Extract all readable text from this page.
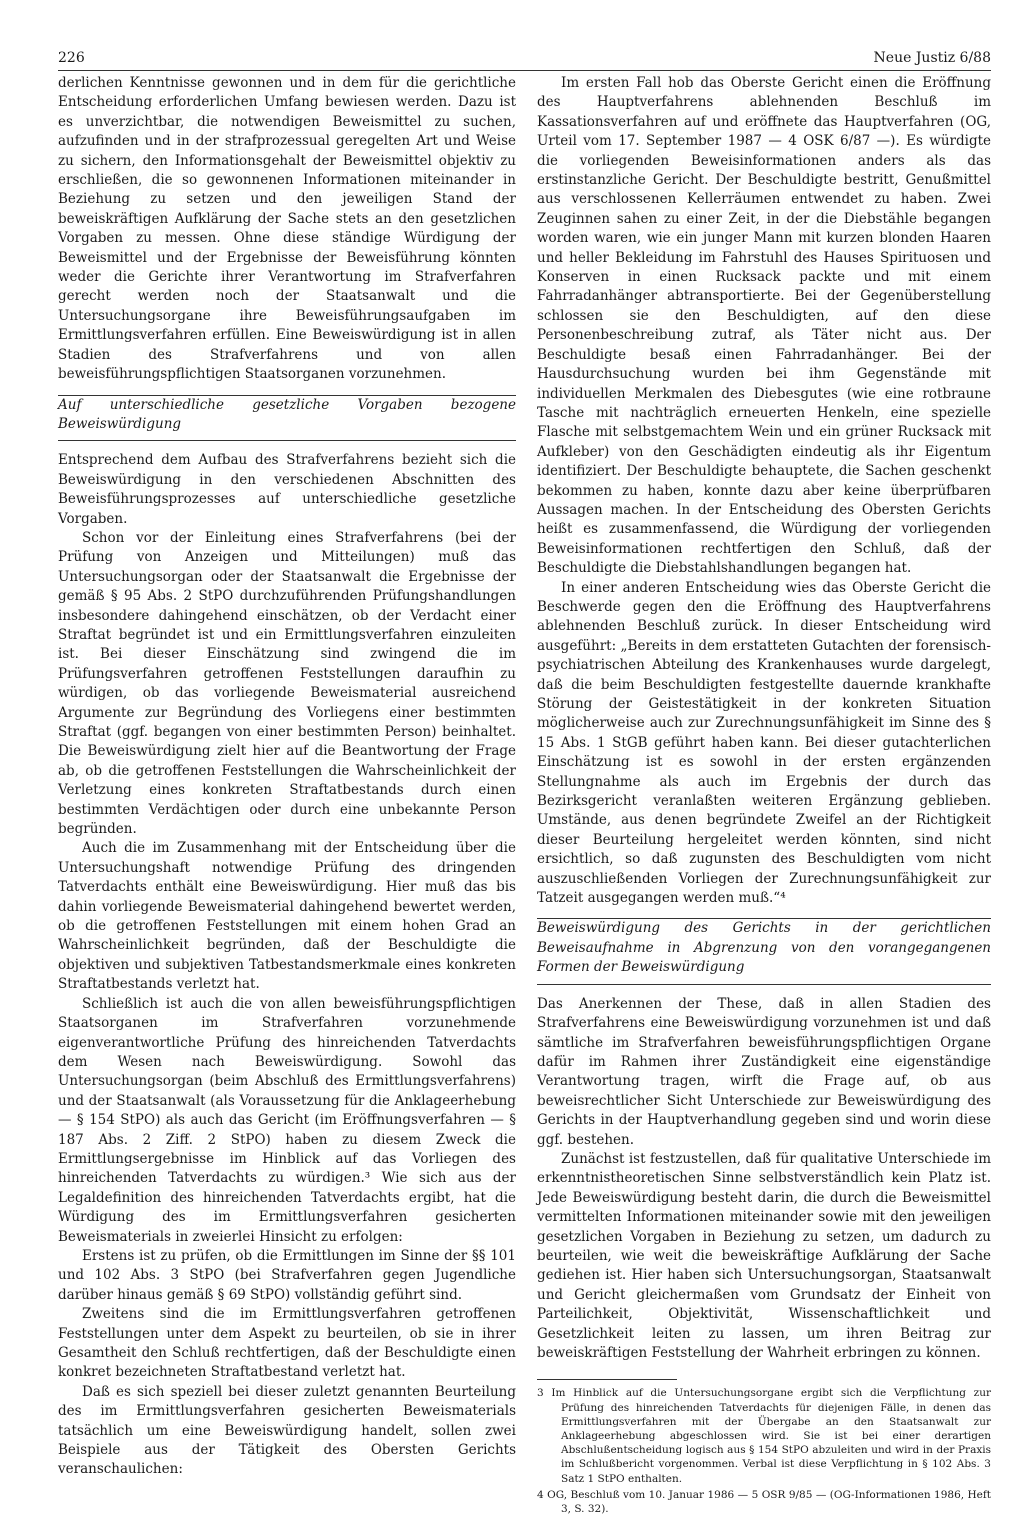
226	Neue Justiz 6/88

derlichen Kenntnisse gewonnen und in dem für die gerichtliche Entscheidung erforderlichen Umfang bewiesen werden. Dazu ist es unverzichtbar, die notwendigen Beweismittel zu suchen, aufzufinden und in der strafprozessual geregelten Art und Weise zu sichern, den Informationsgehalt der Beweismittel objektiv zu erschließen, die so gewonnenen Informationen miteinander in Beziehung zu setzen und den jeweiligen Stand der beweiskräftigen Aufklärung der Sache stets an den gesetzlichen Vorgaben zu messen. Ohne diese ständige Würdigung der Beweismittel und der Ergebnisse der Beweisführung könnten weder die Gerichte ihrer Verantwortung im Strafverfahren gerecht werden noch der Staatsanwalt und die Untersuchungsorgane ihre Beweisführungsaufgaben im Ermittlungsverfahren erfüllen. Eine Beweiswürdigung ist in allen Stadien des Strafverfahrens und von allen beweisführungspflichtigen Staatsorganen vorzunehmen.

Auf unterschiedliche gesetzliche Vorgaben bezogene Beweiswürdigung

Entsprechend dem Aufbau des Strafverfahrens bezieht sich die Beweiswürdigung in den verschiedenen Abschnitten des Beweisführungsprozesses auf unterschiedliche gesetzliche Vorgaben.

Schon vor der Einleitung eines Strafverfahrens (bei der Prüfung von Anzeigen und Mitteilungen) muß das Untersuchungsorgan oder der Staatsanwalt die Ergebnisse der gemäß § 95 Abs. 2 StPO durchzuführenden Prüfungshandlungen insbesondere dahingehend einschätzen, ob der Verdacht einer Straftat begründet ist und ein Ermittlungsverfahren einzuleiten ist. Bei dieser Einschätzung sind zwingend die im Prüfungsverfahren getroffenen Feststellungen daraufhin zu würdigen, ob das vorliegende Beweismaterial ausreichend Argumente zur Begründung des Vorliegens einer bestimmten Straftat (ggf. begangen von einer bestimmten Person) beinhaltet. Die Beweiswürdigung zielt hier auf die Beantwortung der Frage ab, ob die getroffenen Feststellungen die Wahrscheinlichkeit der Verletzung eines konkreten Straftatbestands durch einen bestimmten Verdächtigen oder durch eine unbekannte Person begründen.

Auch die im Zusammenhang mit der Entscheidung über die Untersuchungshaft notwendige Prüfung des dringenden Tatverdachts enthält eine Beweiswürdigung. Hier muß das bis dahin vorliegende Beweismaterial dahingehend bewertet werden, ob die getroffenen Feststellungen mit einem hohen Grad an Wahrscheinlichkeit begründen, daß der Beschuldigte die objektiven und subjektiven Tatbestandsmerkmale eines konkreten Straftatbestands verletzt hat.

Schließlich ist auch die von allen beweisführungspflichtigen Staatsorganen im Strafverfahren vorzunehmende eigenverantwortliche Prüfung des hinreichenden Tatverdachts dem Wesen nach Beweiswürdigung. Sowohl das Untersuchungsorgan (beim Abschluß des Ermittlungsverfahrens) und der Staatsanwalt (als Voraussetzung für die Anklageerhebung — § 154 StPO) als auch das Gericht (im Eröffnungsverfahren — § 187 Abs. 2 Ziff. 2 StPO) haben zu diesem Zweck die Ermittlungsergebnisse im Hinblick auf das Vorliegen des hinreichenden Tatverdachts zu würdigen.³ Wie sich aus der Legaldefinition des hinreichenden Tatverdachts ergibt, hat die Würdigung des im Ermittlungsverfahren gesicherten Beweismaterials in zweierlei Hinsicht zu erfolgen:

Erstens ist zu prüfen, ob die Ermittlungen im Sinne der §§ 101 und 102 Abs. 3 StPO (bei Strafverfahren gegen Jugendliche darüber hinaus gemäß § 69 StPO) vollständig geführt sind.

Zweitens sind die im Ermittlungsverfahren getroffenen Feststellungen unter dem Aspekt zu beurteilen, ob sie in ihrer Gesamtheit den Schluß rechtfertigen, daß der Beschuldigte einen konkret bezeichneten Straftatbestand verletzt hat.

Daß es sich speziell bei dieser zuletzt genannten Beurteilung des im Ermittlungsverfahren gesicherten Beweismaterials tatsächlich um eine Beweiswürdigung handelt, sollen zwei Beispiele aus der Tätigkeit des Obersten Gerichts veranschaulichen:

Im ersten Fall hob das Oberste Gericht einen die Eröffnung des Hauptverfahrens ablehnenden Beschluß im Kassationsverfahren auf und eröffnete das Hauptverfahren (OG, Urteil vom 17. September 1987 — 4 OSK 6/87 —). Es würdigte die vorliegenden Beweisinformationen anders als das erstinstanzliche Gericht. Der Beschuldigte bestritt, Genußmittel aus verschlossenen Kellerräumen entwendet zu haben. Zwei Zeuginnen sahen zu einer Zeit, in der die Diebstähle begangen worden waren, wie ein junger Mann mit kurzen blonden Haaren und heller Bekleidung im Fahrstuhl des Hauses Spirituosen und Konserven in einen Rucksack packte und mit einem Fahrradanhänger abtransportierte. Bei der Gegenüberstellung schlossen sie den Beschuldigten, auf den diese Personenbeschreibung zutraf, als Täter nicht aus. Der Beschuldigte besaß einen Fahrradanhänger. Bei der Hausdurchsuchung wurden bei ihm Gegenstände mit individuellen Merkmalen des Diebesgutes (wie eine rotbraune Tasche mit nachträglich erneuerten Henkeln, eine spezielle Flasche mit selbstgemachtem Wein und ein grüner Rucksack mit Aufkleber) von den Geschädigten eindeutig als ihr Eigentum identifiziert. Der Beschuldigte behauptete, die Sachen geschenkt bekommen zu haben, konnte dazu aber keine überprüfbaren Aussagen machen. In der Entscheidung des Obersten Gerichts heißt es zusammenfassend, die Würdigung der vorliegenden Beweisinformationen rechtfertigen den Schluß, daß der Beschuldigte die Diebstahlshandlungen begangen hat.

In einer anderen Entscheidung wies das Oberste Gericht die Beschwerde gegen den die Eröffnung des Hauptverfahrens ablehnenden Beschluß zurück. In dieser Entscheidung wird ausgeführt: „Bereits in dem erstatteten Gutachten der forensisch-psychiatrischen Abteilung des Krankenhauses wurde dargelegt, daß die beim Beschuldigten festgestellte dauernde krankhafte Störung der Geistestätigkeit in der konkreten Situation möglicherweise auch zur Zurechnungsunfähigkeit im Sinne des § 15 Abs. 1 StGB geführt haben kann. Bei dieser gutachterlichen Einschätzung ist es sowohl in der ersten ergänzenden Stellungnahme als auch im Ergebnis der durch das Bezirksgericht veranlaßten weiteren Ergänzung geblieben. Umstände, aus denen begründete Zweifel an der Richtigkeit dieser Beurteilung hergeleitet werden könnten, sind nicht ersichtlich, so daß zugunsten des Beschuldigten vom nicht auszuschließenden Vorliegen der Zurechnungsunfähigkeit zur Tatzeit ausgegangen werden muß.“⁴

Beweiswürdigung des Gerichts in der gerichtlichen Beweisaufnahme in Abgrenzung von den vorangegangenen Formen der Beweiswürdigung

Das Anerkennen der These, daß in allen Stadien des Strafverfahrens eine Beweiswürdigung vorzunehmen ist und daß sämtliche im Strafverfahren beweisführungspflichtigen Organe dafür im Rahmen ihrer Zuständigkeit eine eigenständige Verantwortung tragen, wirft die Frage auf, ob aus beweisrechtlicher Sicht Unterschiede zur Beweiswürdigung des Gerichts in der Hauptverhandlung gegeben sind und worin diese ggf. bestehen.

Zunächst ist festzustellen, daß für qualitative Unterschiede im erkenntnistheoretischen Sinne selbstverständlich kein Platz ist. Jede Beweiswürdigung besteht darin, die durch die Beweismittel vermittelten Informationen miteinander sowie mit den jeweiligen gesetzlichen Vorgaben in Beziehung zu setzen, um dadurch zu beurteilen, wie weit die beweiskräftige Aufklärung der Sache gediehen ist. Hier haben sich Untersuchungsorgan, Staatsanwalt und Gericht gleichermaßen vom Grundsatz der Einheit von Parteilichkeit, Objektivität, Wissenschaftlichkeit und Gesetzlichkeit leiten zu lassen, um ihren Beitrag zur beweiskräftigen Feststellung der Wahrheit erbringen zu können.

3 Im Hinblick auf die Untersuchungsorgane ergibt sich die Verpflichtung zur Prüfung des hinreichenden Tatverdachts für diejenigen Fälle, in denen das Ermittlungsverfahren mit der Übergabe an den Staatsanwalt zur Anklageerhebung abgeschlossen wird. Sie ist bei einer derartigen Abschlußentscheidung logisch aus § 154 StPO abzuleiten und wird in der Praxis im Schlußbericht vorgenommen. Verbal ist diese Verpflichtung in § 102 Abs. 3 Satz 1 StPO enthalten.

4 OG, Beschluß vom 10. Januar 1986 — 5 OSR 9/85 — (OG-Informationen 1986, Heft 3, S. 32).
